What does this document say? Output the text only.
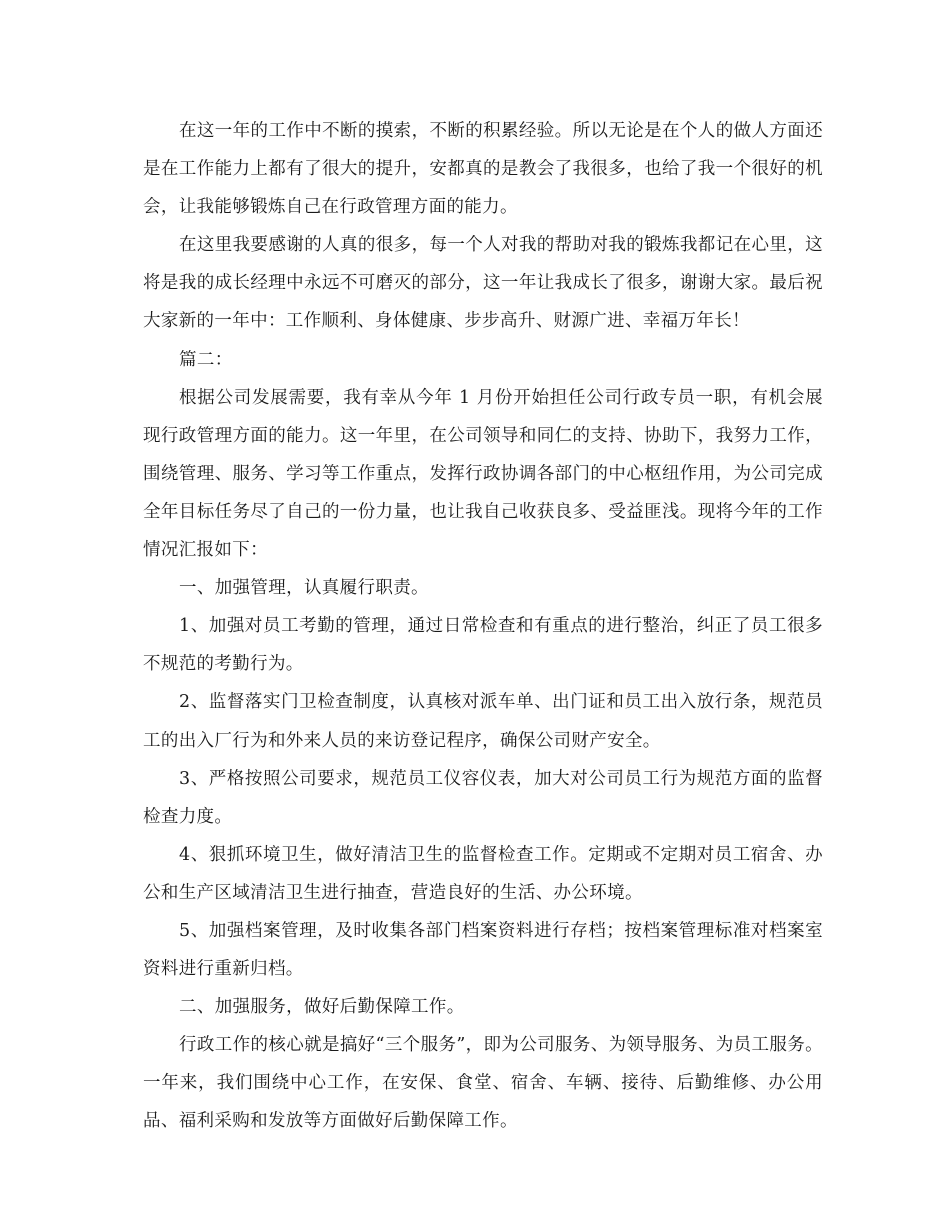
在这一年的工作中不断的摸索，不断的积累经验。所以无论是在个人的做人方面还是在工作能力上都有了很大的提升，安都真的是教会了我很多，也给了我一个很好的机会，让我能够锻炼自己在行政管理方面的能力。

在这里我要感谢的人真的很多，每一个人对我的帮助对我的锻炼我都记在心里，这将是我的成长经理中永远不可磨灭的部分，这一年让我成长了很多，谢谢大家。最后祝大家新的一年中：工作顺利、身体健康、步步高升、财源广进、幸福万年长！

篇二：

根据公司发展需要，我有幸从今年 1 月份开始担任公司行政专员一职，有机会展现行政管理方面的能力。这一年里，在公司领导和同仁的支持、协助下，我努力工作，围绕管理、服务、学习等工作重点，发挥行政协调各部门的中心枢纽作用，为公司完成全年目标任务尽了自己的一份力量，也让我自己收获良多、受益匪浅。现将今年的工作情况汇报如下：

一、加强管理，认真履行职责。

1、加强对员工考勤的管理，通过日常检查和有重点的进行整治，纠正了员工很多不规范的考勤行为。

2、监督落实门卫检查制度，认真核对派车单、出门证和员工出入放行条，规范员工的出入厂行为和外来人员的来访登记程序，确保公司财产安全。

3、严格按照公司要求，规范员工仪容仪表，加大对公司员工行为规范方面的监督检查力度。

4、狠抓环境卫生，做好清洁卫生的监督检查工作。定期或不定期对员工宿舍、办公和生产区域清洁卫生进行抽查，营造良好的生活、办公环境。

5、加强档案管理，及时收集各部门档案资料进行存档；按档案管理标准对档案室资料进行重新归档。

二、加强服务，做好后勤保障工作。

行政工作的核心就是搞好“三个服务”，即为公司服务、为领导服务、为员工服务。一年来，我们围绕中心工作，在安保、食堂、宿舍、车辆、接待、后勤维修、办公用品、福利采购和发放等方面做好后勤保障工作。
